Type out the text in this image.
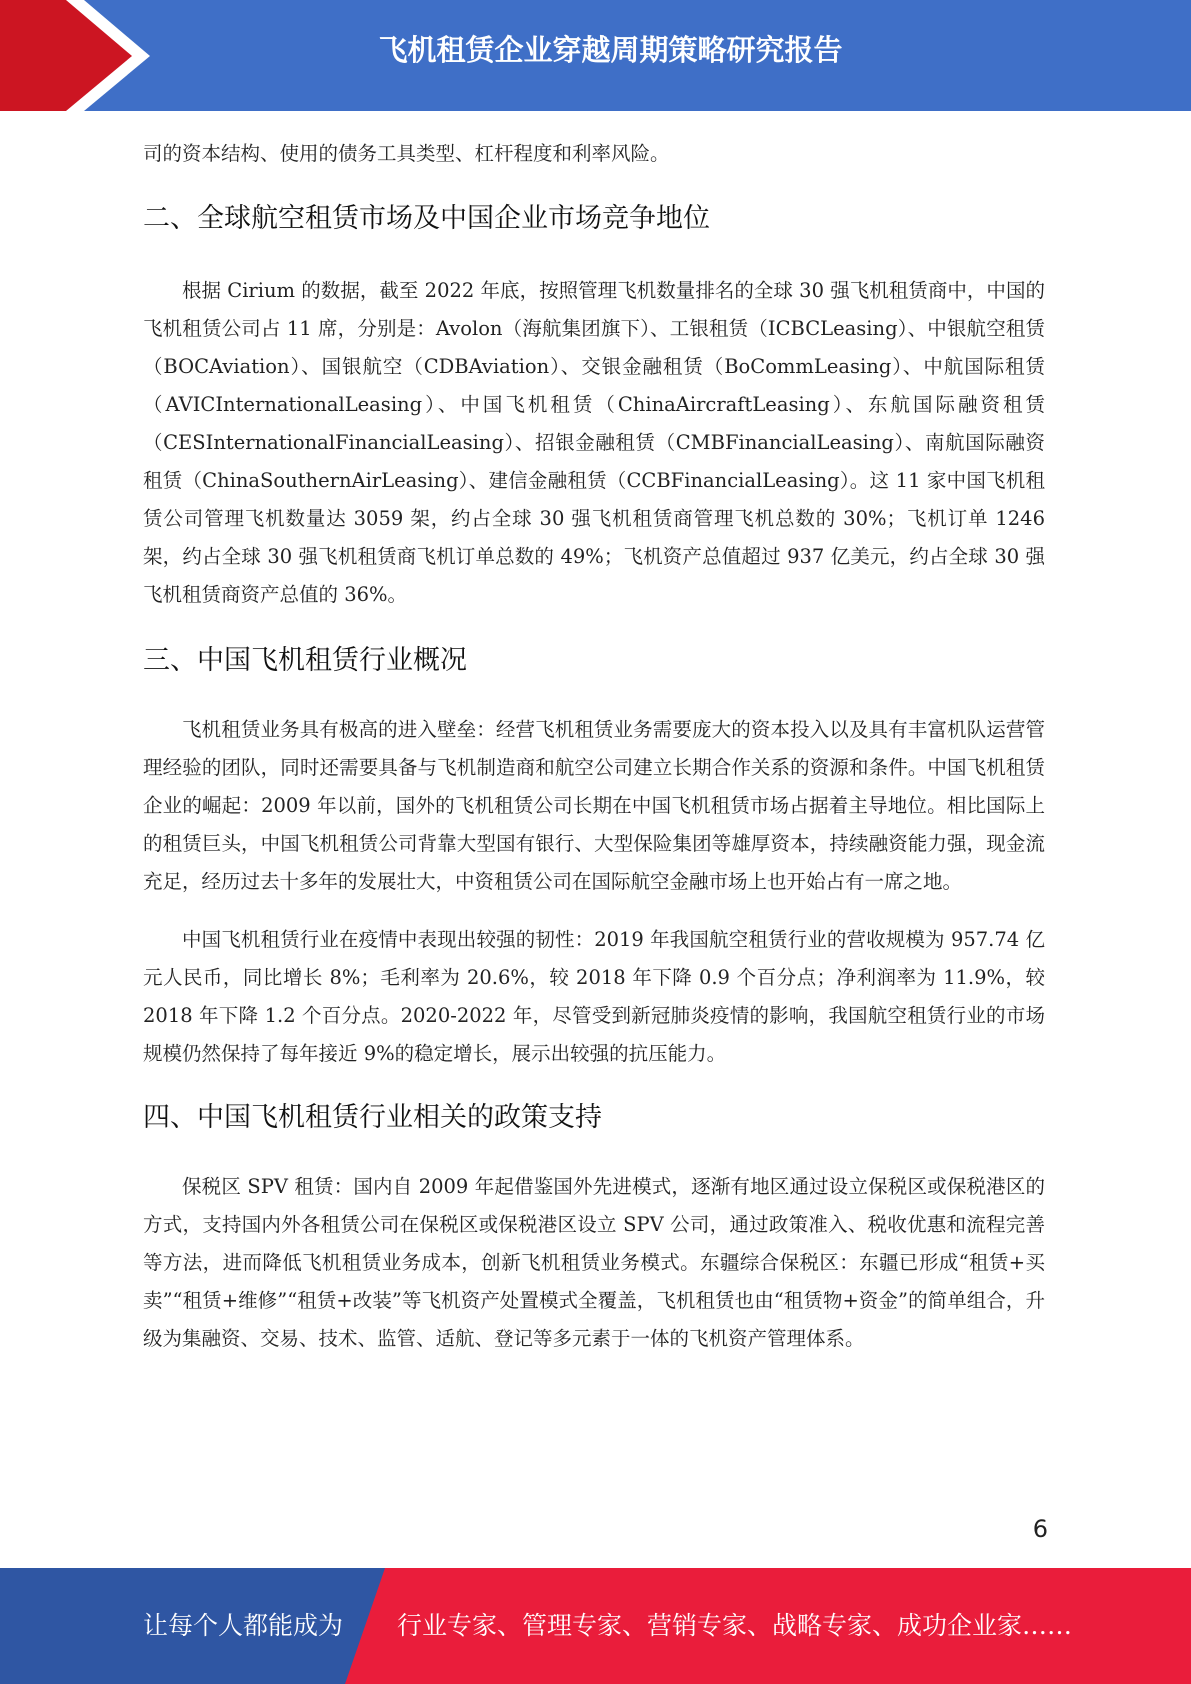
飞机租赁企业穿越周期策略研究报告

司的资本结构、使用的债务工具类型、杠杆程度和利率风险。

二、全球航空租赁市场及中国企业市场竞争地位

根据 Cirium 的数据，截至 2022 年底，按照管理飞机数量排名的全球 30 强飞机租赁商中，中国的飞机租赁公司占 11 席，分别是：Avolon（海航集团旗下）、工银租赁（ICBCLeasing）、中银航空租赁（BOCAviation）、国银航空（CDBAviation）、交银金融租赁（BoCommLeasing）、中航国际租赁（AVICInternationalLeasing）、中国飞机租赁（ChinaAircraftLeasing）、东航国际融资租赁（CESInternationalFinancialLeasing）、招银金融租赁（CMBFinancialLeasing）、南航国际融资租赁（ChinaSouthernAirLeasing）、建信金融租赁（CCBFinancialLeasing）。这 11 家中国飞机租赁公司管理飞机数量达 3059 架，约占全球 30 强飞机租赁商管理飞机总数的 30%；飞机订单 1246 架，约占全球 30 强飞机租赁商飞机订单总数的 49%；飞机资产总值超过 937 亿美元，约占全球 30 强飞机租赁商资产总值的 36%。

三、中国飞机租赁行业概况

飞机租赁业务具有极高的进入壁垒：经营飞机租赁业务需要庞大的资本投入以及具有丰富机队运营管理经验的团队，同时还需要具备与飞机制造商和航空公司建立长期合作关系的资源和条件。中国飞机租赁企业的崛起：2009 年以前，国外的飞机租赁公司长期在中国飞机租赁市场占据着主导地位。相比国际上的租赁巨头，中国飞机租赁公司背靠大型国有银行、大型保险集团等雄厚资本，持续融资能力强，现金流充足，经历过去十多年的发展壮大，中资租赁公司在国际航空金融市场上也开始占有一席之地。

中国飞机租赁行业在疫情中表现出较强的韧性：2019 年我国航空租赁行业的营收规模为 957.74 亿元人民币，同比增长 8%；毛利率为 20.6%，较 2018 年下降 0.9 个百分点；净利润率为 11.9%，较 2018 年下降 1.2 个百分点。2020-2022 年，尽管受到新冠肺炎疫情的影响，我国航空租赁行业的市场规模仍然保持了每年接近 9%的稳定增长，展示出较强的抗压能力。

四、中国飞机租赁行业相关的政策支持

保税区 SPV 租赁：国内自 2009 年起借鉴国外先进模式，逐渐有地区通过设立保税区或保税港区的方式，支持国内外各租赁公司在保税区或保税港区设立 SPV 公司，通过政策准入、税收优惠和流程完善等方法，进而降低飞机租赁业务成本，创新飞机租赁业务模式。东疆综合保税区：东疆已形成“租赁+买卖”“租赁+维修”“租赁+改装”等飞机资产处置模式全覆盖，飞机租赁也由“租赁物+资金”的简单组合，升级为集融资、交易、技术、监管、适航、登记等多元素于一体的飞机资产管理体系。

6
让每个人都能成为 行业专家、管理专家、营销专家、战略专家、成功企业家……
